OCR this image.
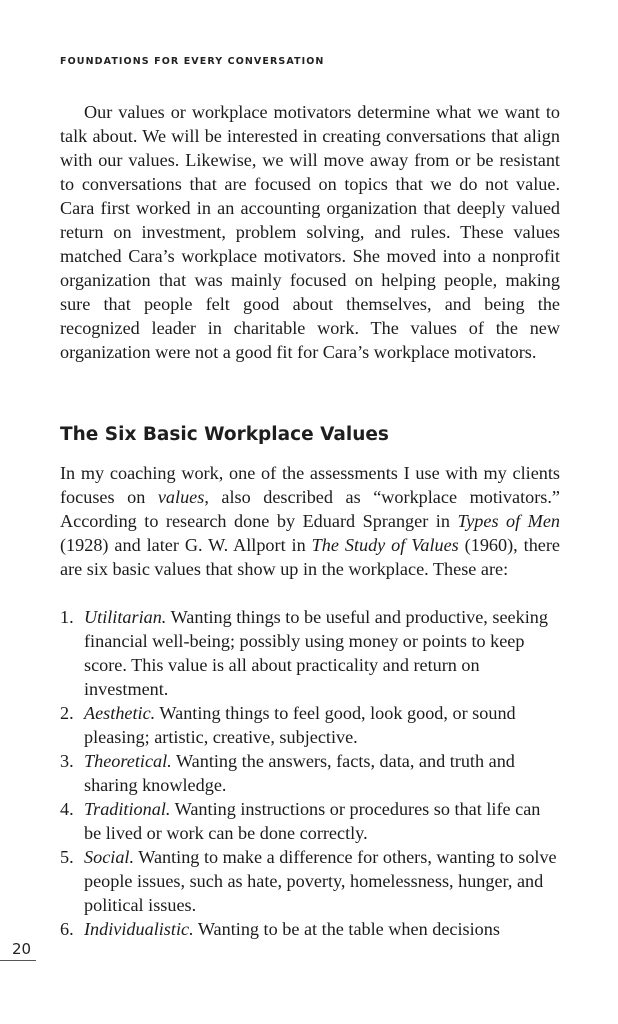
FOUNDATIONS FOR EVERY CONVERSATION

Our values or workplace motivators determine what we want to talk about. We will be interested in creating conversations that align with our values. Likewise, we will move away from or be resistant to conversations that are focused on topics that we do not value. Cara first worked in an accounting organization that deeply valued return on investment, problem solving, and rules. These values matched Cara’s workplace motivators. She moved into a nonprofit organization that was mainly focused on helping people, making sure that people felt good about themselves, and being the recognized leader in charitable work. The values of the new organization were not a good fit for Cara’s workplace motivators.

The Six Basic Workplace Values

In my coaching work, one of the assessments I use with my clients focuses on values, also described as “workplace motivators.” According to research done by Eduard Spranger in Types of Men (1928) and later G. W. Allport in The Study of Values (1960), there are six basic values that show up in the workplace. These are:

1. Utilitarian. Wanting things to be useful and productive, seeking financial well-being; possibly using money or points to keep score. This value is all about practicality and return on investment.
2. Aesthetic. Wanting things to feel good, look good, or sound pleasing; artistic, creative, subjective.
3. Theoretical. Wanting the answers, facts, data, and truth and sharing knowledge.
4. Traditional. Wanting instructions or procedures so that life can be lived or work can be done correctly.
5. Social. Wanting to make a difference for others, wanting to solve people issues, such as hate, poverty, homelessness, hunger, and political issues.
6. Individualistic. Wanting to be at the table when decisions
20
